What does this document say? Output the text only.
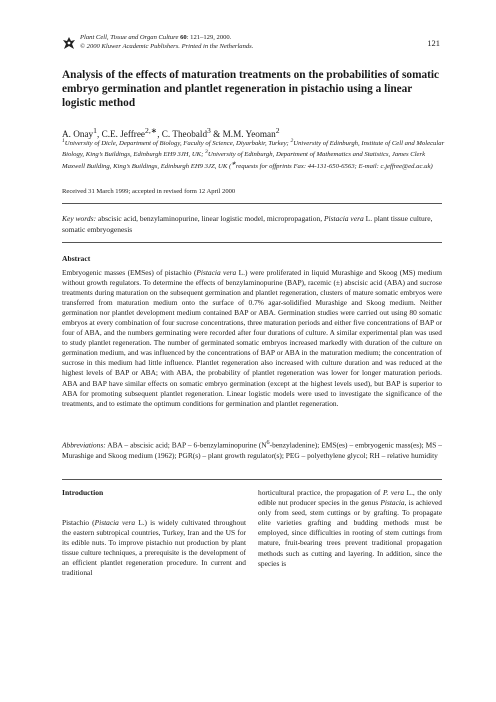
Plant Cell, Tissue and Organ Culture 60: 121–129, 2000.
© 2000 Kluwer Academic Publishers. Printed in the Netherlands.	121
Analysis of the effects of maturation treatments on the probabilities of somatic embryo germination and plantlet regeneration in pistachio using a linear logistic method
A. Onay$^1$, C.E. Jeffree$^{2,∗}$, C. Theobald$^3$ & M.M. Yeoman$^2$
$^1$University of Dicle, Department of Biology, Faculty of Science, Diyarbakir, Turkey; $^2$University of Edinburgh, Institute of Cell and Molecular Biology, King’s Buildings, Edinburgh EH9 3JH, UK; $^3$University of Edinburgh, Department of Mathematics and Statistics, James Clerk Maxwell Building, King’s Buildings, Edinburgh EH9 3JZ, UK (∗requests for offprints Fax: 44-131-650-6563; E-mail: c.jeffree@ed.ac.uk)
Received 31 March 1999; accepted in revised form 12 April 2000
Key words: abscisic acid, benzylaminopurine, linear logistic model, micropropagation, Pistacia vera L. plant tissue culture, somatic embryogenesis
Abstract
Embryogenic masses (EMSes) of pistachio (Pistacia vera L.) were proliferated in liquid Murashige and Skoog (MS) medium without growth regulators. To determine the effects of benzylaminopurine (BAP), racemic (±) abscisic acid (ABA) and sucrose treatments during maturation on the subsequent germination and plantlet regeneration, clusters of mature somatic embryos were transferred from maturation medium onto the surface of 0.7% agar-solidified Murashige and Skoog medium. Neither germination nor plantlet development medium contained BAP or ABA. Germination studies were carried out using 80 somatic embryos at every combination of four sucrose concentrations, three maturation periods and either five concentrations of BAP or four of ABA, and the numbers germinating were recorded after four durations of culture. A similar experimental plan was used to study plantlet regeneration. The number of germinated somatic embryos increased markedly with duration of the culture on germination medium, and was influenced by the concentrations of BAP or ABA in the maturation medium; the concentration of sucrose in this medium had little influence. Plantlet regeneration also increased with culture duration and was reduced at the highest levels of BAP or ABA; with ABA, the probability of plantlet regeneration was lower for longer maturation periods. ABA and BAP have similar effects on somatic embryo germination (except at the highest levels used), but BAP is superior to ABA for promoting subsequent plantlet regeneration. Linear logistic models were used to investigate the significance of the treatments, and to estimate the optimum conditions for germination and plantlet regeneration.
Abbreviations: ABA – abscisic acid; BAP – 6-benzylaminopurine $(N^6-benzyladenine)$; EMS(es) – embryogenic mass(es); MS – Murashige and Skoog medium (1962); PGR(s) – plant growth regulator(s); PEG – polyethylene glycol; RH – relative humidity
Introduction
Pistachio (Pistacia vera L.) is widely cultivated throughout the eastern subtropical countries, Turkey, Iran and the US for its edible nuts. To improve pistachio nut production by plant tissue culture techniques, a prerequisite is the development of an efficient plantlet regeneration procedure. In current and traditional
horticultural practice, the propagation of P. vera L., the only edible nut producer species in the genus Pistacia, is achieved only from seed, stem cuttings or by grafting. To propagate elite varieties grafting and budding methods must be employed, since difficulties in rooting of stem cuttings from mature, fruit-bearing trees prevent traditional propagation methods such as cutting and layering. In addition, since the species is
